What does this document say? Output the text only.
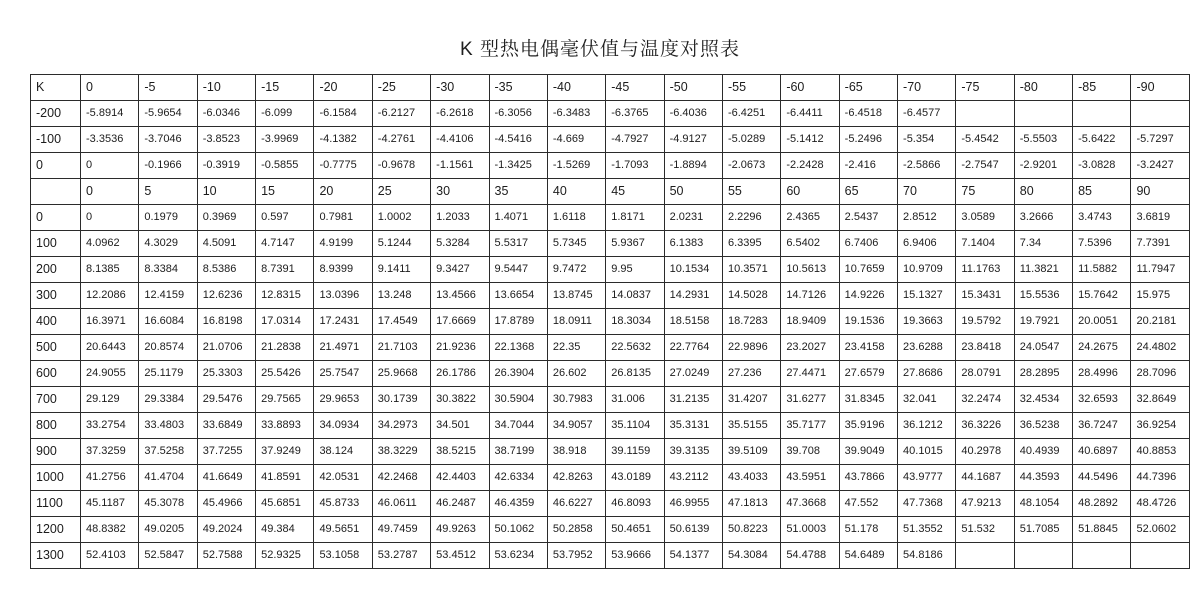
K 型热电偶毫伏值与温度对照表
K	0	-5	-10	-15	-20	-25	-30	-35	-40	-45	-50	-55	-60	-65	-70	-75	-80	-85	-90
-200	-5.8914	-5.9654	-6.0346	-6.099	-6.1584	-6.2127	-6.2618	-6.3056	-6.3483	-6.3765	-6.4036	-6.4251	-6.4411	-6.4518	-6.4577				
-100	-3.3536	-3.7046	-3.8523	-3.9969	-4.1382	-4.2761	-4.4106	-4.5416	-4.669	-4.7927	-4.9127	-5.0289	-5.1412	-5.2496	-5.354	-5.4542	-5.5503	-5.6422	-5.7297
0	0	-0.1966	-0.3919	-0.5855	-0.7775	-0.9678	-1.1561	-1.3425	-1.5269	-1.7093	-1.8894	-2.0673	-2.2428	-2.416	-2.5866	-2.7547	-2.9201	-3.0828	-3.2427
	0	5	10	15	20	25	30	35	40	45	50	55	60	65	70	75	80	85	90
0	0	0.1979	0.3969	0.597	0.7981	1.0002	1.2033	1.4071	1.6118	1.8171	2.0231	2.2296	2.4365	2.5437	2.8512	3.0589	3.2666	3.4743	3.6819
100	4.0962	4.3029	4.5091	4.7147	4.9199	5.1244	5.3284	5.5317	5.7345	5.9367	6.1383	6.3395	6.5402	6.7406	6.9406	7.1404	7.34	7.5396	7.7391
200	8.1385	8.3384	8.5386	8.7391	8.9399	9.1411	9.3427	9.5447	9.7472	9.95	10.1534	10.3571	10.5613	10.7659	10.9709	11.1763	11.3821	11.5882	11.7947
300	12.2086	12.4159	12.6236	12.8315	13.0396	13.248	13.4566	13.6654	13.8745	14.0837	14.2931	14.5028	14.7126	14.9226	15.1327	15.3431	15.5536	15.7642	15.975
400	16.3971	16.6084	16.8198	17.0314	17.2431	17.4549	17.6669	17.8789	18.0911	18.3034	18.5158	18.7283	18.9409	19.1536	19.3663	19.5792	19.7921	20.0051	20.2181
500	20.6443	20.8574	21.0706	21.2838	21.4971	21.7103	21.9236	22.1368	22.35	22.5632	22.7764	22.9896	23.2027	23.4158	23.6288	23.8418	24.0547	24.2675	24.4802
600	24.9055	25.1179	25.3303	25.5426	25.7547	25.9668	26.1786	26.3904	26.602	26.8135	27.0249	27.236	27.4471	27.6579	27.8686	28.0791	28.2895	28.4996	28.7096
700	29.129	29.3384	29.5476	29.7565	29.9653	30.1739	30.3822	30.5904	30.7983	31.006	31.2135	31.4207	31.6277	31.8345	32.041	32.2474	32.4534	32.6593	32.8649
800	33.2754	33.4803	33.6849	33.8893	34.0934	34.2973	34.501	34.7044	34.9057	35.1104	35.3131	35.5155	35.7177	35.9196	36.1212	36.3226	36.5238	36.7247	36.9254
900	37.3259	37.5258	37.7255	37.9249	38.124	38.3229	38.5215	38.7199	38.918	39.1159	39.3135	39.5109	39.708	39.9049	40.1015	40.2978	40.4939	40.6897	40.8853
1000	41.2756	41.4704	41.6649	41.8591	42.0531	42.2468	42.4403	42.6334	42.8263	43.0189	43.2112	43.4033	43.5951	43.7866	43.9777	44.1687	44.3593	44.5496	44.7396
1100	45.1187	45.3078	45.4966	45.6851	45.8733	46.0611	46.2487	46.4359	46.6227	46.8093	46.9955	47.1813	47.3668	47.552	47.7368	47.9213	48.1054	48.2892	48.4726
1200	48.8382	49.0205	49.2024	49.384	49.5651	49.7459	49.9263	50.1062	50.2858	50.4651	50.6139	50.8223	51.0003	51.178	51.3552	51.532	51.7085	51.8845	52.0602
1300	52.4103	52.5847	52.7588	52.9325	53.1058	53.2787	53.4512	53.6234	53.7952	53.9666	54.1377	54.3084	54.4788	54.6489	54.8186				
